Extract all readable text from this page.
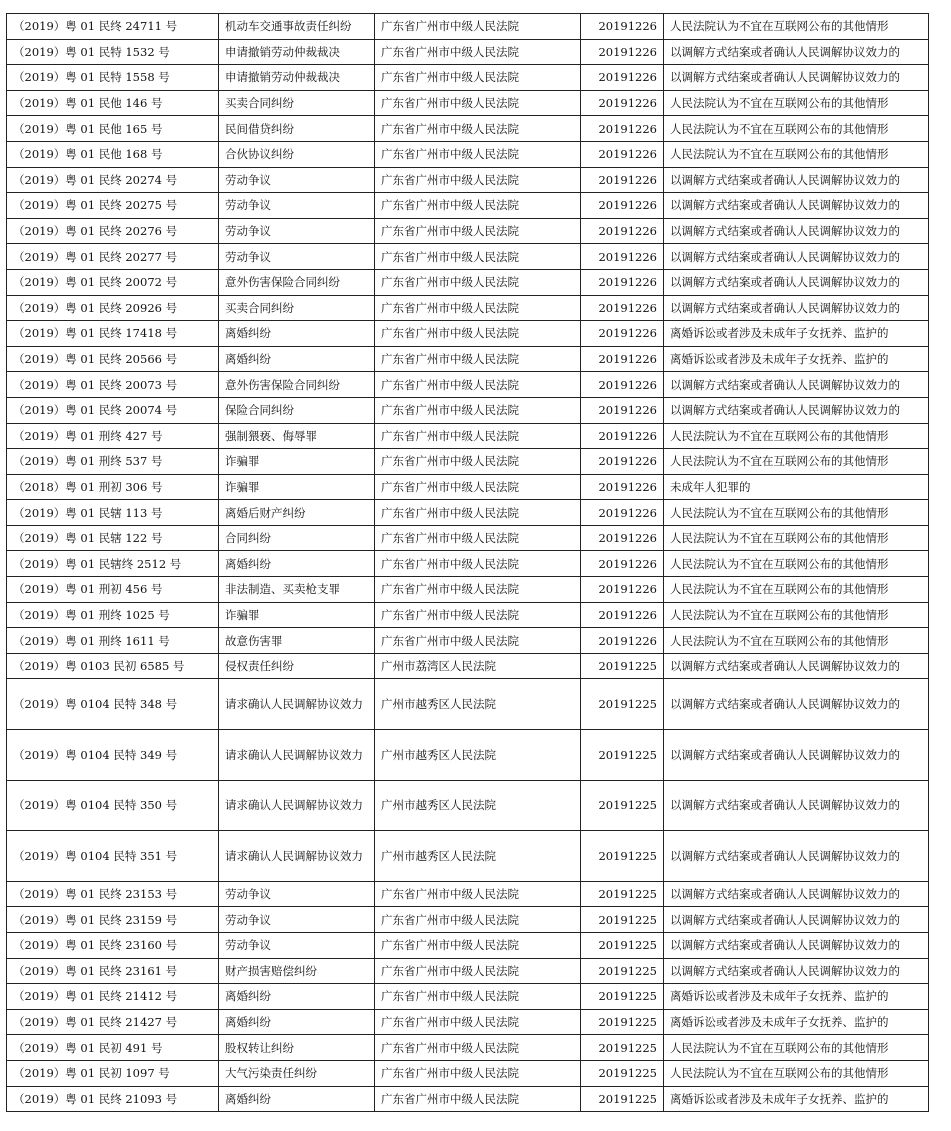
（2019）粤 01 民终 24711 号	机动车交通事故责任纠纷	广东省广州市中级人民法院	20191226	人民法院认为不宜在互联网公布的其他情形
（2019）粤 01 民特 1532 号	申请撤销劳动仲裁裁决	广东省广州市中级人民法院	20191226	以调解方式结案或者确认人民调解协议效力的
（2019）粤 01 民特 1558 号	申请撤销劳动仲裁裁决	广东省广州市中级人民法院	20191226	以调解方式结案或者确认人民调解协议效力的
（2019）粤 01 民他 146 号	买卖合同纠纷	广东省广州市中级人民法院	20191226	人民法院认为不宜在互联网公布的其他情形
（2019）粤 01 民他 165 号	民间借贷纠纷	广东省广州市中级人民法院	20191226	人民法院认为不宜在互联网公布的其他情形
（2019）粤 01 民他 168 号	合伙协议纠纷	广东省广州市中级人民法院	20191226	人民法院认为不宜在互联网公布的其他情形
（2019）粤 01 民终 20274 号	劳动争议	广东省广州市中级人民法院	20191226	以调解方式结案或者确认人民调解协议效力的
（2019）粤 01 民终 20275 号	劳动争议	广东省广州市中级人民法院	20191226	以调解方式结案或者确认人民调解协议效力的
（2019）粤 01 民终 20276 号	劳动争议	广东省广州市中级人民法院	20191226	以调解方式结案或者确认人民调解协议效力的
（2019）粤 01 民终 20277 号	劳动争议	广东省广州市中级人民法院	20191226	以调解方式结案或者确认人民调解协议效力的
（2019）粤 01 民终 20072 号	意外伤害保险合同纠纷	广东省广州市中级人民法院	20191226	以调解方式结案或者确认人民调解协议效力的
（2019）粤 01 民终 20926 号	买卖合同纠纷	广东省广州市中级人民法院	20191226	以调解方式结案或者确认人民调解协议效力的
（2019）粤 01 民终 17418 号	离婚纠纷	广东省广州市中级人民法院	20191226	离婚诉讼或者涉及未成年子女抚养、监护的
（2019）粤 01 民终 20566 号	离婚纠纷	广东省广州市中级人民法院	20191226	离婚诉讼或者涉及未成年子女抚养、监护的
（2019）粤 01 民终 20073 号	意外伤害保险合同纠纷	广东省广州市中级人民法院	20191226	以调解方式结案或者确认人民调解协议效力的
（2019）粤 01 民终 20074 号	保险合同纠纷	广东省广州市中级人民法院	20191226	以调解方式结案或者确认人民调解协议效力的
（2019）粤 01 刑终 427 号	强制猥亵、侮辱罪	广东省广州市中级人民法院	20191226	人民法院认为不宜在互联网公布的其他情形
（2019）粤 01 刑终 537 号	诈骗罪	广东省广州市中级人民法院	20191226	人民法院认为不宜在互联网公布的其他情形
（2018）粤 01 刑初 306 号	诈骗罪	广东省广州市中级人民法院	20191226	未成年人犯罪的
（2019）粤 01 民辖 113 号	离婚后财产纠纷	广东省广州市中级人民法院	20191226	人民法院认为不宜在互联网公布的其他情形
（2019）粤 01 民辖 122 号	合同纠纷	广东省广州市中级人民法院	20191226	人民法院认为不宜在互联网公布的其他情形
（2019）粤 01 民辖终 2512 号	离婚纠纷	广东省广州市中级人民法院	20191226	人民法院认为不宜在互联网公布的其他情形
（2019）粤 01 刑初 456 号	非法制造、买卖枪支罪	广东省广州市中级人民法院	20191226	人民法院认为不宜在互联网公布的其他情形
（2019）粤 01 刑终 1025 号	诈骗罪	广东省广州市中级人民法院	20191226	人民法院认为不宜在互联网公布的其他情形
（2019）粤 01 刑终 1611 号	故意伤害罪	广东省广州市中级人民法院	20191226	人民法院认为不宜在互联网公布的其他情形
（2019）粤 0103 民初 6585 号	侵权责任纠纷	广州市荔湾区人民法院	20191225	以调解方式结案或者确认人民调解协议效力的
（2019）粤 0104 民特 348 号	请求确认人民调解协议效力	广州市越秀区人民法院	20191225	以调解方式结案或者确认人民调解协议效力的
（2019）粤 0104 民特 349 号	请求确认人民调解协议效力	广州市越秀区人民法院	20191225	以调解方式结案或者确认人民调解协议效力的
（2019）粤 0104 民特 350 号	请求确认人民调解协议效力	广州市越秀区人民法院	20191225	以调解方式结案或者确认人民调解协议效力的
（2019）粤 0104 民特 351 号	请求确认人民调解协议效力	广州市越秀区人民法院	20191225	以调解方式结案或者确认人民调解协议效力的
（2019）粤 01 民终 23153 号	劳动争议	广东省广州市中级人民法院	20191225	以调解方式结案或者确认人民调解协议效力的
（2019）粤 01 民终 23159 号	劳动争议	广东省广州市中级人民法院	20191225	以调解方式结案或者确认人民调解协议效力的
（2019）粤 01 民终 23160 号	劳动争议	广东省广州市中级人民法院	20191225	以调解方式结案或者确认人民调解协议效力的
（2019）粤 01 民终 23161 号	财产损害赔偿纠纷	广东省广州市中级人民法院	20191225	以调解方式结案或者确认人民调解协议效力的
（2019）粤 01 民终 21412 号	离婚纠纷	广东省广州市中级人民法院	20191225	离婚诉讼或者涉及未成年子女抚养、监护的
（2019）粤 01 民终 21427 号	离婚纠纷	广东省广州市中级人民法院	20191225	离婚诉讼或者涉及未成年子女抚养、监护的
（2019）粤 01 民初 491 号	股权转让纠纷	广东省广州市中级人民法院	20191225	人民法院认为不宜在互联网公布的其他情形
（2019）粤 01 民初 1097 号	大气污染责任纠纷	广东省广州市中级人民法院	20191225	人民法院认为不宜在互联网公布的其他情形
（2019）粤 01 民终 21093 号	离婚纠纷	广东省广州市中级人民法院	20191225	离婚诉讼或者涉及未成年子女抚养、监护的
